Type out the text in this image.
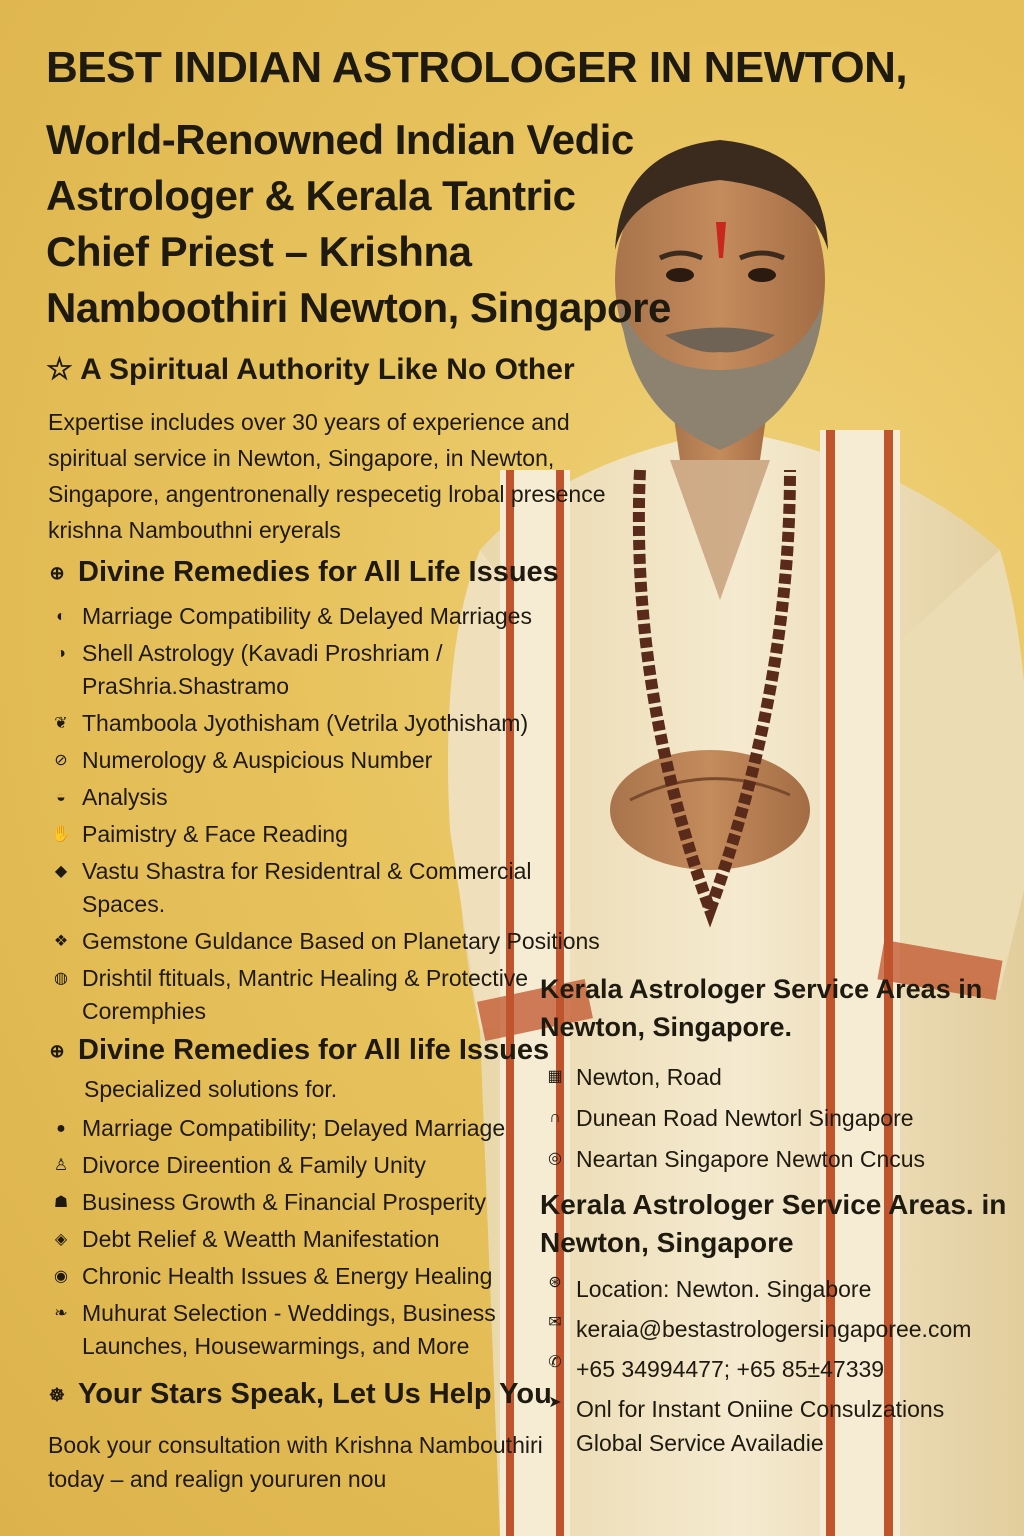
BEST INDIAN ASTROLOGER IN NEWTON,
World-Renowned Indian Vedic Astrologer & Kerala Tantric Chief Priest – Krishna Namboothiri Newton, Singapore
☆ A Spiritual Authority Like No Other

Expertise includes over 30 years of experience and spiritual service in Newton, Singapore, in Newton, Singapore, angentronenally respecetig lrobal presence krishna Nambouthni eryerals

⊕ Divine Remedies for All Life Issues
◐ Marriage Compatibility & Delayed Marriages
◑ Shell Astrology (Kavadi Proshriam / PraShria.Shastramo
❦ Thamboola Jyothisham (Vetrila Jyothisham)
⊘ Numerology & Auspicious Number
◒ Analysis
✋ Paimistry & Face Reading
◆ Vastu Shastra for Residentral & Commercial Spaces.
❖ Gemstone Guldance Based on Planetary Positions
◍ Drishtil ftituals, Mantric Healing & Protective Coremphies
⊕ Divine Remedies for All life Issues
Specialized solutions for.
● Marriage Compatibility; Delayed Marriage
♙ Divorce Direention & Family Unity
☗ Business Growth & Financial Prosperity
◈ Debt Relief & Weatth Manifestation
◉ Chronic Health Issues & Energy Healing
❧ Muhurat Selection - Weddings, Business Launches, Housewarmings, and More
☸ Your Stars Speak, Let Us Help You

Book your consultation with Krishna Nambouthiri today – and realign youгuren nou

Kerala Astrologer Service Areas in Newton, Singapore.
▦ Newton, Road
∩ Dunean Road Newtorl Singapore
◎ Neartan Singapore Newton Cncus
Kerala Astrologer Service Areas. in Newton, Singapore
⊛ Location: Newton. Singabore
✉ keraia@bestastrologersingaporee.com
✆ +65 34994477; +65 85±47339
➤ Onl for Instant Oniine Consulzations
Global Service Availadie
